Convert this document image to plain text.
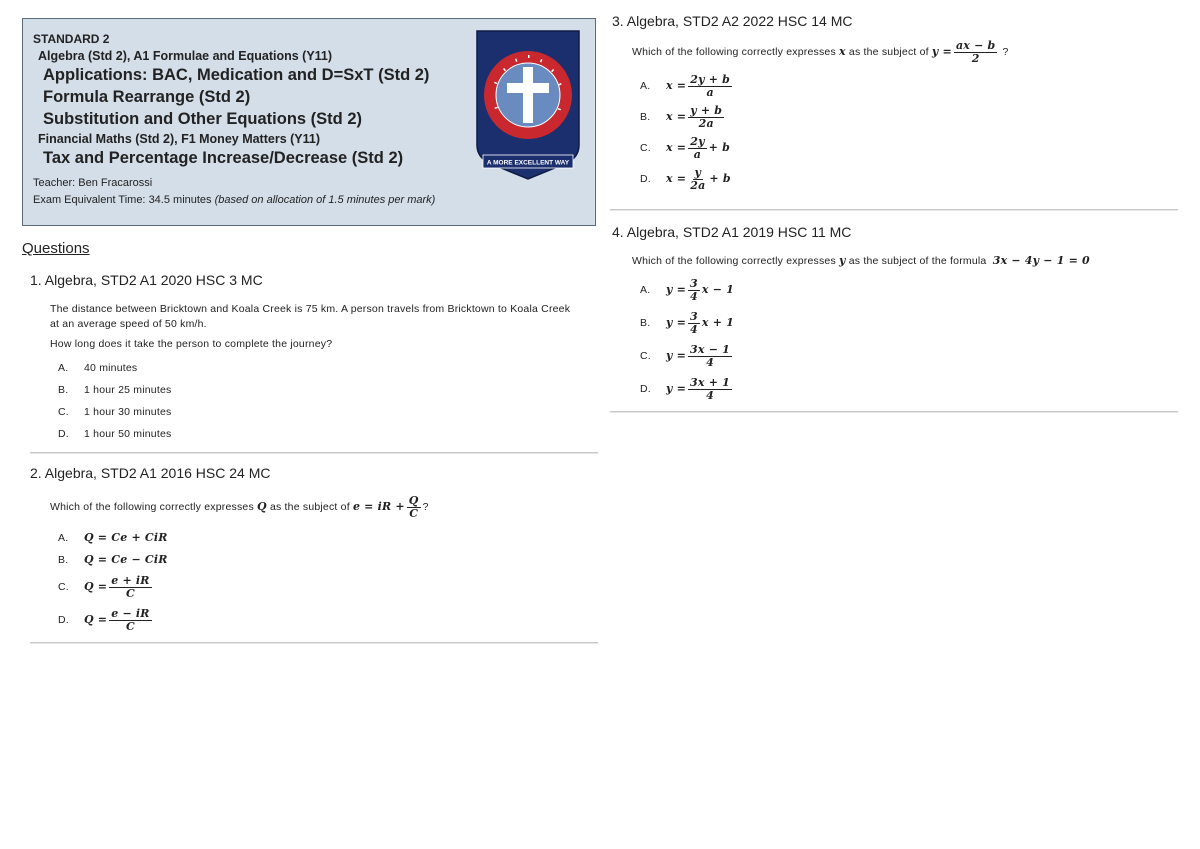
STANDARD 2
Algebra (Std 2), A1 Formulae and Equations (Y11)
Applications: BAC, Medication and D=SxT (Std 2)
Formula Rearrange (Std 2)
Substitution and Other Equations (Std 2)
Financial Maths (Std 2), F1 Money Matters (Y11)
Tax and Percentage Increase/Decrease (Std 2)
Teacher: Ben Fracarossi
Exam Equivalent Time: 34.5 minutes (based on allocation of 1.5 minutes per mark)
A MORE EXCELLENT WAY
Questions
1. Algebra, STD2 A1 2020 HSC 3 MC

The distance between Bricktown and Koala Creek is 75 km. A person travels from Bricktown to Koala Creek at an average speed of 50 km/h.

How long does it take the person to complete the journey?

A.	40 minutes
B.	1 hour 25 minutes
C.	1 hour 30 minutes
D.	1 hour 50 minutes
2. Algebra, STD2 A1 2016 HSC 24 MC
Which of the following correctly expresses
Q
as the subject of
e = iR + $\frac{Q}{C}$ ?
A.	Q = Ce + CiR
B.	Q = Ce − CiR
C.	$Q = \frac{e + iR}{C}$
D.	$Q = \frac{e - iR}{C}$
3. Algebra, STD2 A2 2022 HSC 14 MC
Which of the following correctly expresses
x
as the subject of
$y = \frac{ax - b}{2}$
?
A.	$x = \frac{2y + b}{a}$
B.	$x = \frac{y + b}{2a}$
C.	$x = \frac{2y}{a} + b$
D.	$x = \frac{y}{2a} + b$
4. Algebra, STD2 A1 2019 HSC 11 MC
Which of the following correctly expresses
y
as the subject of the formula
3x − 4y − 1 = 0
A.	$y = \frac{3}{4}$ x − 1
B.	$y = \frac{3}{4}$ x + 1
C.	$y = \frac{3x - 1}{4}$
D.	$y = \frac{3x + 1}{4}$
